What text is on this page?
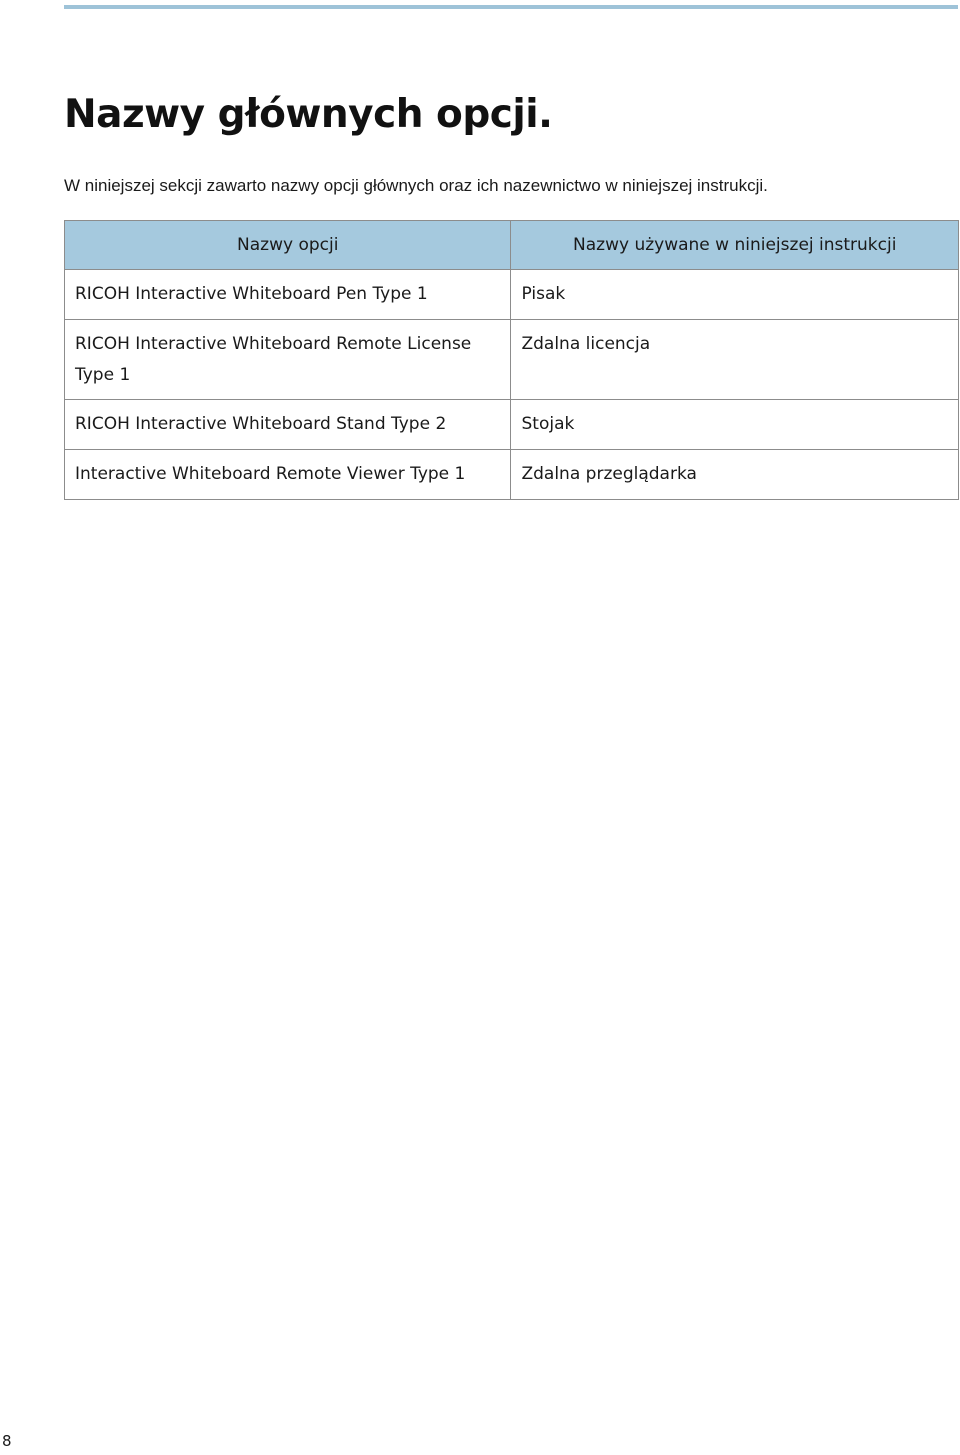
Nazwy głównych opcji.

W niniejszej sekcji zawarto nazwy opcji głównych oraz ich nazewnictwo w niniejszej instrukcji.

Nazwy opcji	Nazwy używane w niniejszej instrukcji
RICOH Interactive Whiteboard Pen Type 1	Pisak
RICOH Interactive Whiteboard Remote License Type 1	Zdalna licencja
RICOH Interactive Whiteboard Stand Type 2	Stojak
Interactive Whiteboard Remote Viewer Type 1	Zdalna przeglądarka
8
